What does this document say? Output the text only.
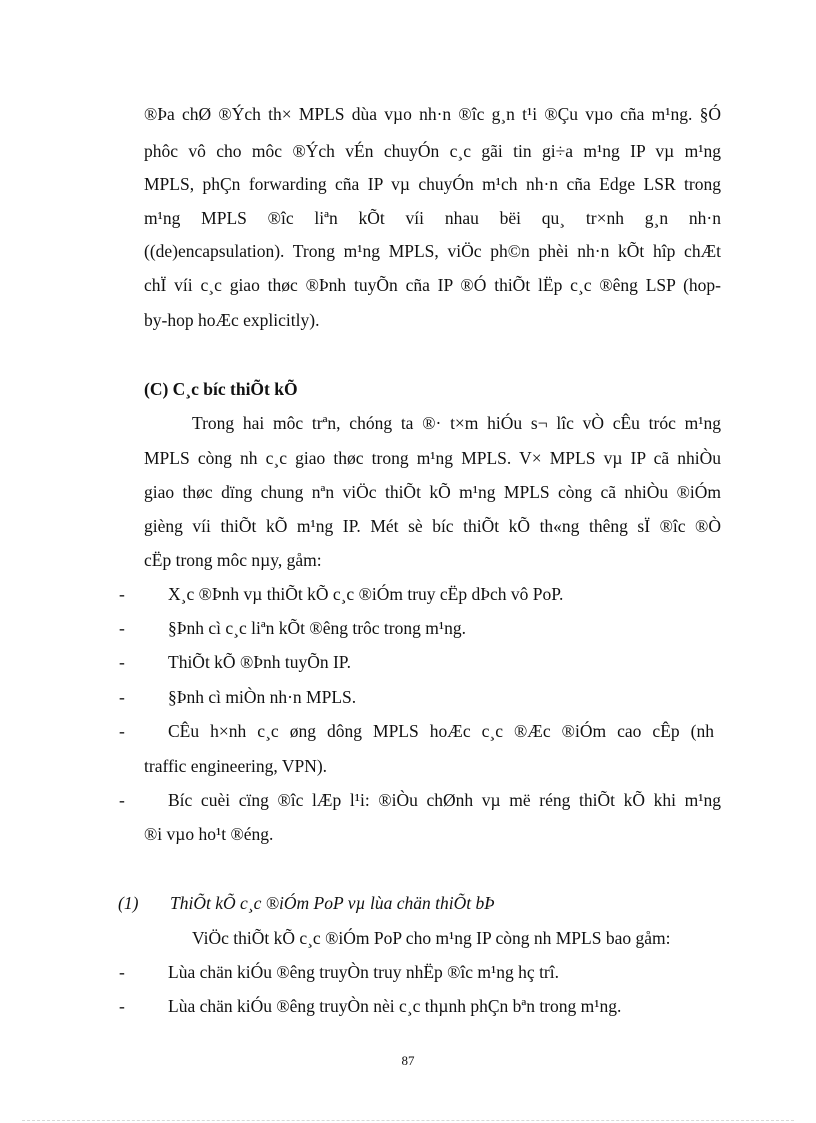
®Þa chØ ®Ých th× MPLS dùa vµo nh·n ®îc g¸n t¹i ®Çu vµo cña m¹ng. §Ó
phôc vô cho môc ®Ých vÉn chuyÓn c¸c gãi tin gi÷a m¹ng IP vµ m¹ng
MPLS, phÇn forwarding cña IP vµ chuyÓn m¹ch nh·n cña Edge LSR trong
m¹ng MPLS ®îc liªn kÕt víi nhau bëi qu¸ tr×nh g¸n nh·n
((de)encapsulation). Trong m¹ng MPLS, viÖc ph©n phèi nh·n kÕt hîp chÆt
chÏ víi c¸c giao thøc ®Þnh tuyÕn cña IP ®Ó thiÕt lËp c¸c ®êng LSP (hop-
by-hop hoÆc explicitly).
(C) C¸c bíc thiÕt kÕ
Trong hai môc trªn, chóng ta ®· t×m hiÓu s¬ lîc vÒ cÊu tróc m¹ng
MPLS còng nh c¸c giao thøc trong m¹ng MPLS. V× MPLS vµ IP cã nhiÒu
giao thøc dïng chung nªn viÖc thiÕt kÕ m¹ng MPLS còng cã nhiÒu ®iÓm
gièng víi thiÕt kÕ m¹ng IP. Mét sè bíc thiÕt kÕ th«ng thêng sÏ ®îc ®Ò
cËp trong môc nµy, gåm:
- X¸c ®Þnh vµ thiÕt kÕ c¸c ®iÓm truy cËp dÞch vô PoP.
- §Þnh cì c¸c liªn kÕt ®êng trôc trong m¹ng.
- ThiÕt kÕ ®Þnh tuyÕn IP.
- §Þnh cì miÒn nh·n MPLS.
- CÊu h×nh c¸c øng dông MPLS hoÆc c¸c ®Æc ®iÓm cao cÊp (nh
traffic engineering, VPN).
- Bíc cuèi cïng ®îc lÆp l¹i: ®iÒu chØnh vµ më réng thiÕt kÕ khi m¹ng
®i vµo ho¹t ®éng.
(1) ThiÕt kÕ c¸c ®iÓm PoP vµ lùa chän thiÕt bÞ
ViÖc thiÕt kÕ c¸c ®iÓm PoP cho m¹ng IP còng nh MPLS bao gåm:
- Lùa chän kiÓu ®êng truyÒn truy nhËp ®îc m¹ng hç trî.
- Lùa chän kiÓu ®êng truyÒn nèi c¸c thµnh phÇn bªn trong m¹ng.
87
